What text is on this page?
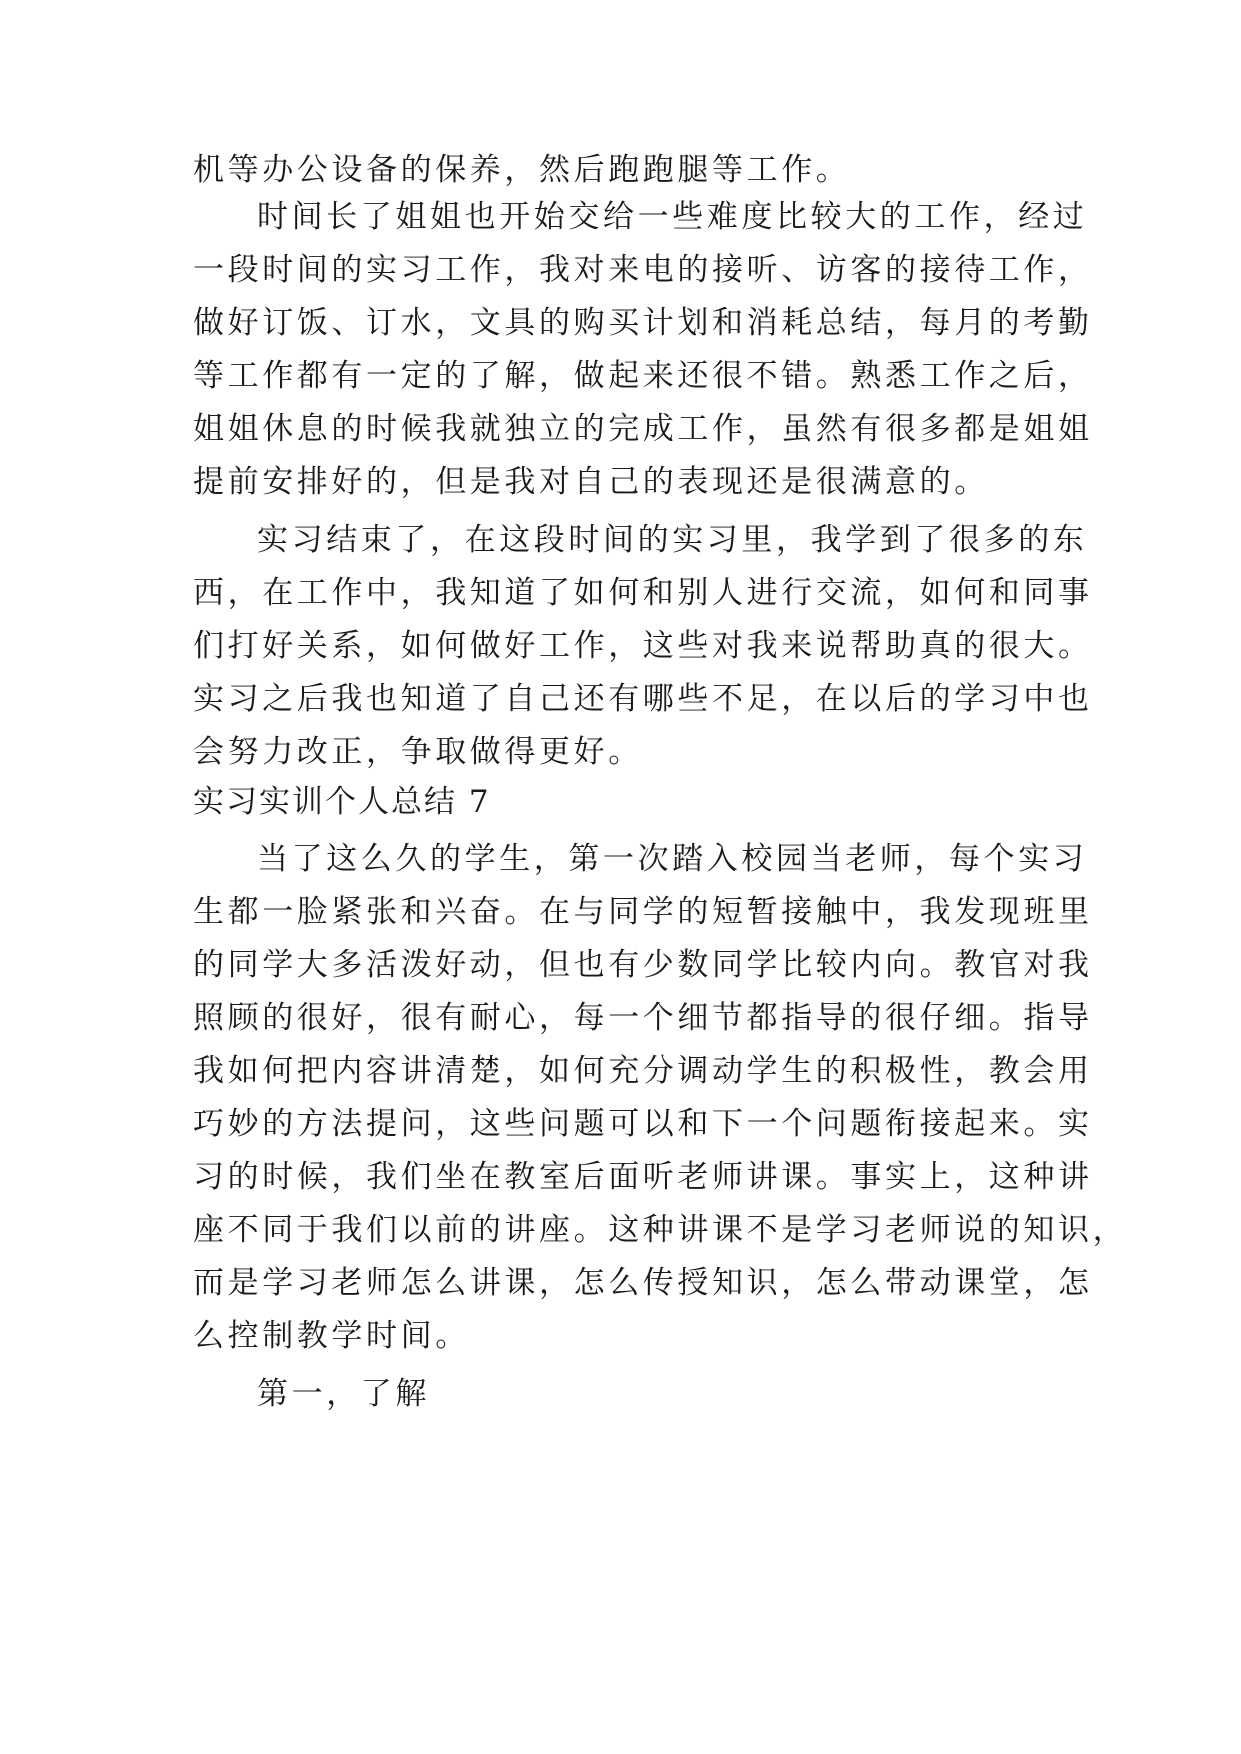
机等办公设备的保养，然后跑跑腿等工作。
时间长了姐姐也开始交给一些难度比较大的工作，经过
一段时间的实习工作，我对来电的接听、访客的接待工作，
做好订饭、订水，文具的购买计划和消耗总结，每月的考勤
等工作都有一定的了解，做起来还很不错。熟悉工作之后，
姐姐休息的时候我就独立的完成工作，虽然有很多都是姐姐
提前安排好的，但是我对自己的表现还是很满意的。
实习结束了，在这段时间的实习里，我学到了很多的东
西，在工作中，我知道了如何和别人进行交流，如何和同事
们打好关系，如何做好工作，这些对我来说帮助真的很大。
实习之后我也知道了自己还有哪些不足，在以后的学习中也
会努力改正，争取做得更好。
实习实训个人总结 7
当了这么久的学生，第一次踏入校园当老师，每个实习
生都一脸紧张和兴奋。在与同学的短暂接触中，我发现班里
的同学大多活泼好动，但也有少数同学比较内向。教官对我
照顾的很好，很有耐心，每一个细节都指导的很仔细。指导
我如何把内容讲清楚，如何充分调动学生的积极性，教会用
巧妙的方法提问，这些问题可以和下一个问题衔接起来。实
习的时候，我们坐在教室后面听老师讲课。事实上，这种讲
座不同于我们以前的讲座。这种讲课不是学习老师说的知识，
而是学习老师怎么讲课，怎么传授知识，怎么带动课堂，怎
么控制教学时间。
第一，了解
